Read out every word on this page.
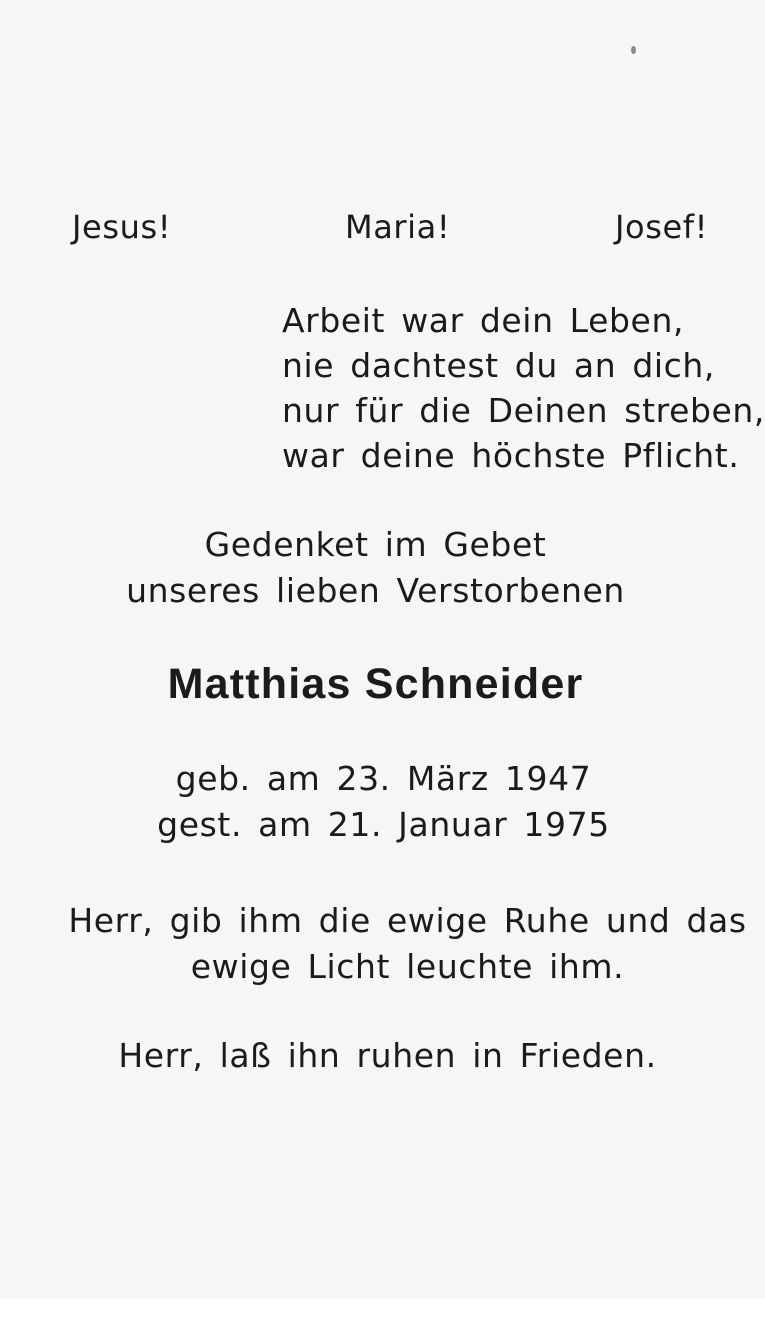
Jesus!	Maria!	Josef!
Arbeit war dein Leben,
nie dachtest du an dich,
nur für die Deinen streben,
war deine höchste Pflicht.
Gedenket im Gebet
unseres lieben Verstorbenen
Matthias Schneider
geb. am 23. März 1947
gest. am 21. Januar 1975
Herr, gib ihm die ewige Ruhe und das
ewige Licht leuchte ihm.
Herr, laß ihn ruhen in Frieden.
